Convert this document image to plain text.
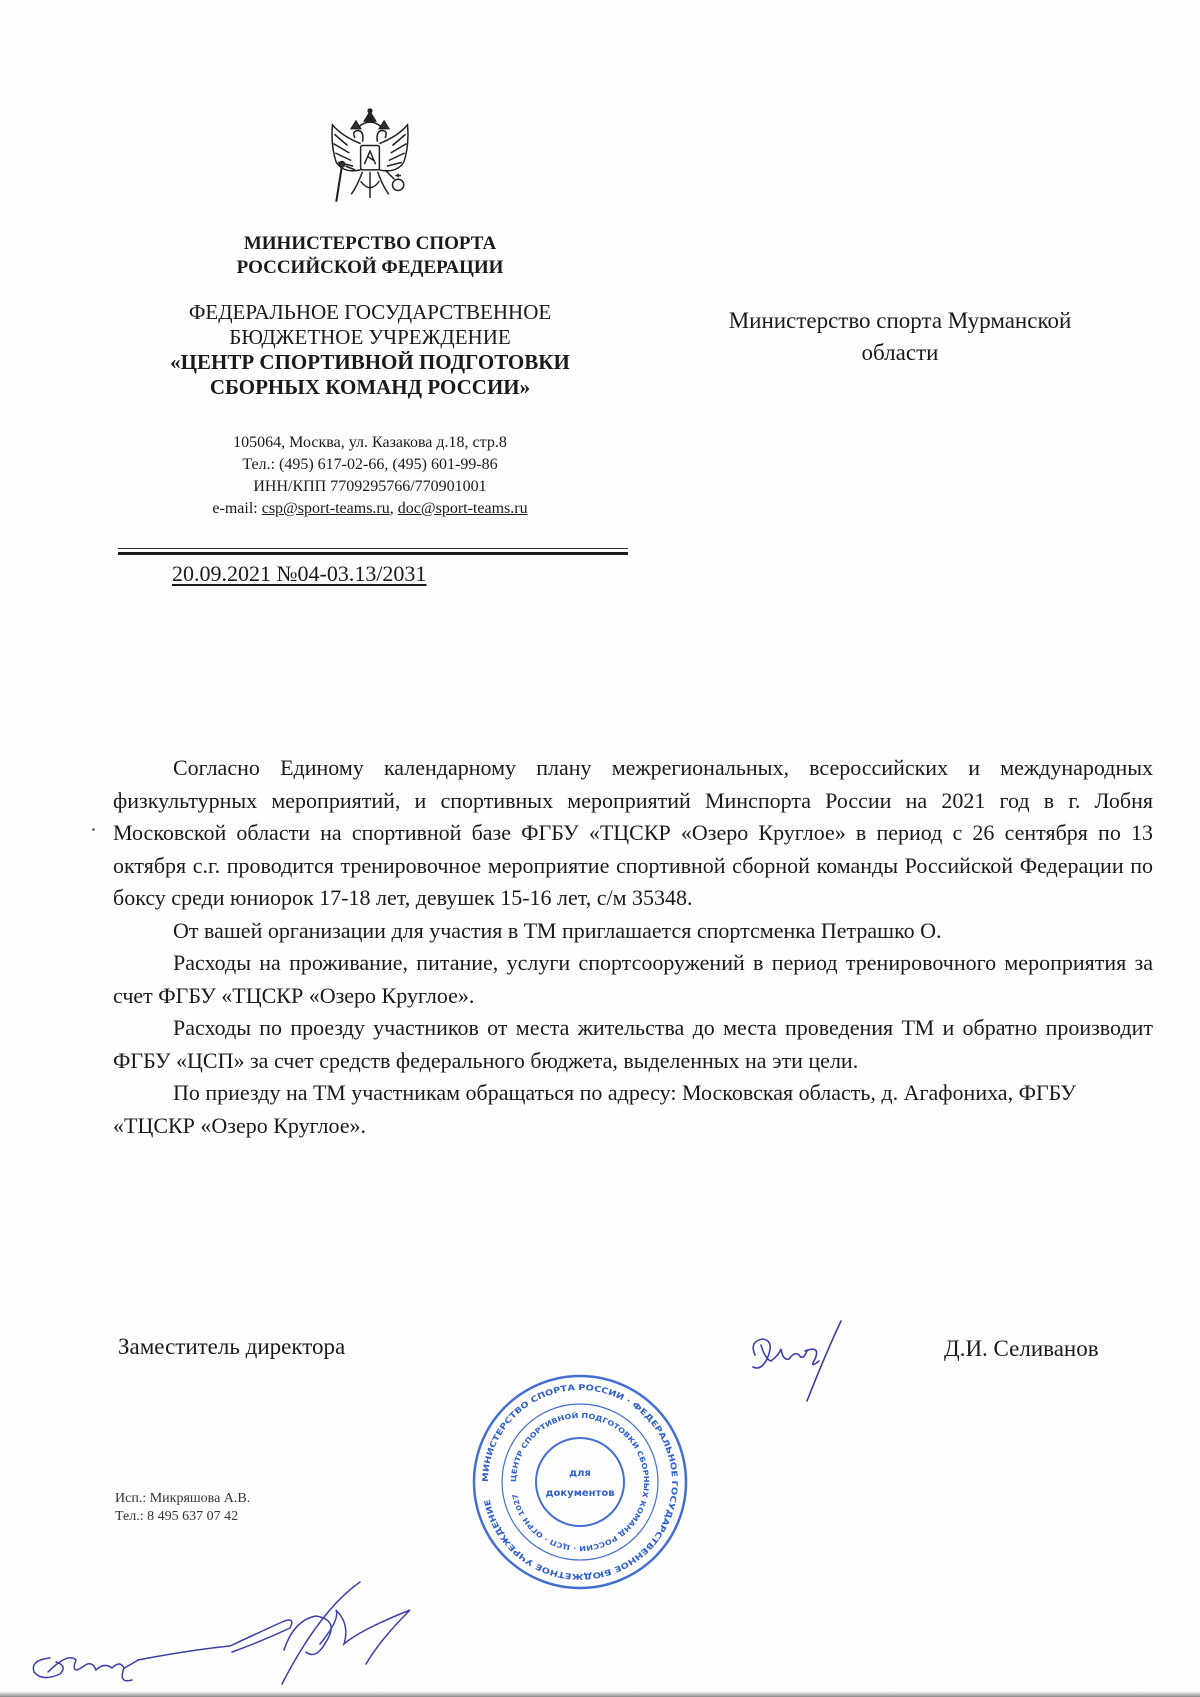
МИНИСТЕРСТВО СПОРТА
РОССИЙСКОЙ ФЕДЕРАЦИИ
ФЕДЕРАЛЬНОЕ ГОСУДАРСТВЕННОЕ
БЮДЖЕТНОЕ УЧРЕЖДЕНИЕ
«ЦЕНТР СПОРТИВНОЙ ПОДГОТОВКИ
СБОРНЫХ КОМАНД РОССИИ»
105064, Москва, ул. Казакова д.18, стр.8
Тел.: (495) 617-02-66, (495) 601-99-86
ИНН/КПП 7709295766/770901001
e-mail: csp@sport-teams.ru, doc@sport-teams.ru
20.09.2021 №04-03.13/2031
Министерство спорта Мурманской
области

Согласно Единому календарному плану межрегиональных, всероссийских и международных физкультурных мероприятий, и спортивных мероприятий Минспорта России на 2021 год в г. Лобня Московской области на спортивной базе ФГБУ «ТЦСКР «Озеро Круглое» в период с 26 сентября по 13 октября с.г. проводится тренировочное мероприятие спортивной сборной команды Российской Федерации по боксу среди юниорок 17-18 лет, девушек 15-16 лет, с/м 35348.

От вашей организации для участия в ТМ приглашается спортсменка Петрашко О.

Расходы на проживание, питание, услуги спортсооружений в период тренировочного мероприятия за счет ФГБУ «ТЦСКР «Озеро Круглое».

Расходы по проезду участников от места жительства до места проведения ТМ и обратно производит ФГБУ «ЦСП» за счет средств федерального бюджета, выделенных на эти цели.

По приезду на ТМ участникам обращаться по адресу: Московская область, д. Агафониха, ФГБУ «ТЦСКР «Озеро Круглое».

Заместитель директора	Д.И. Селиванов
МИНИСТЕРСТВО СПОРТА РОССИИ · ФЕДЕРАЛЬНОЕ ГОСУДАРСТВЕННОЕ БЮДЖЕТНОЕ УЧРЕЖДЕНИЕ
ЦЕНТР СПОРТИВНОЙ ПОДГОТОВКИ СБОРНЫХ КОМАНД РОССИИ · ЦСП · ОГРН 1027
для
документов
Исп.: Микряшова А.В.
Тел.: 8 495 637 07 42
